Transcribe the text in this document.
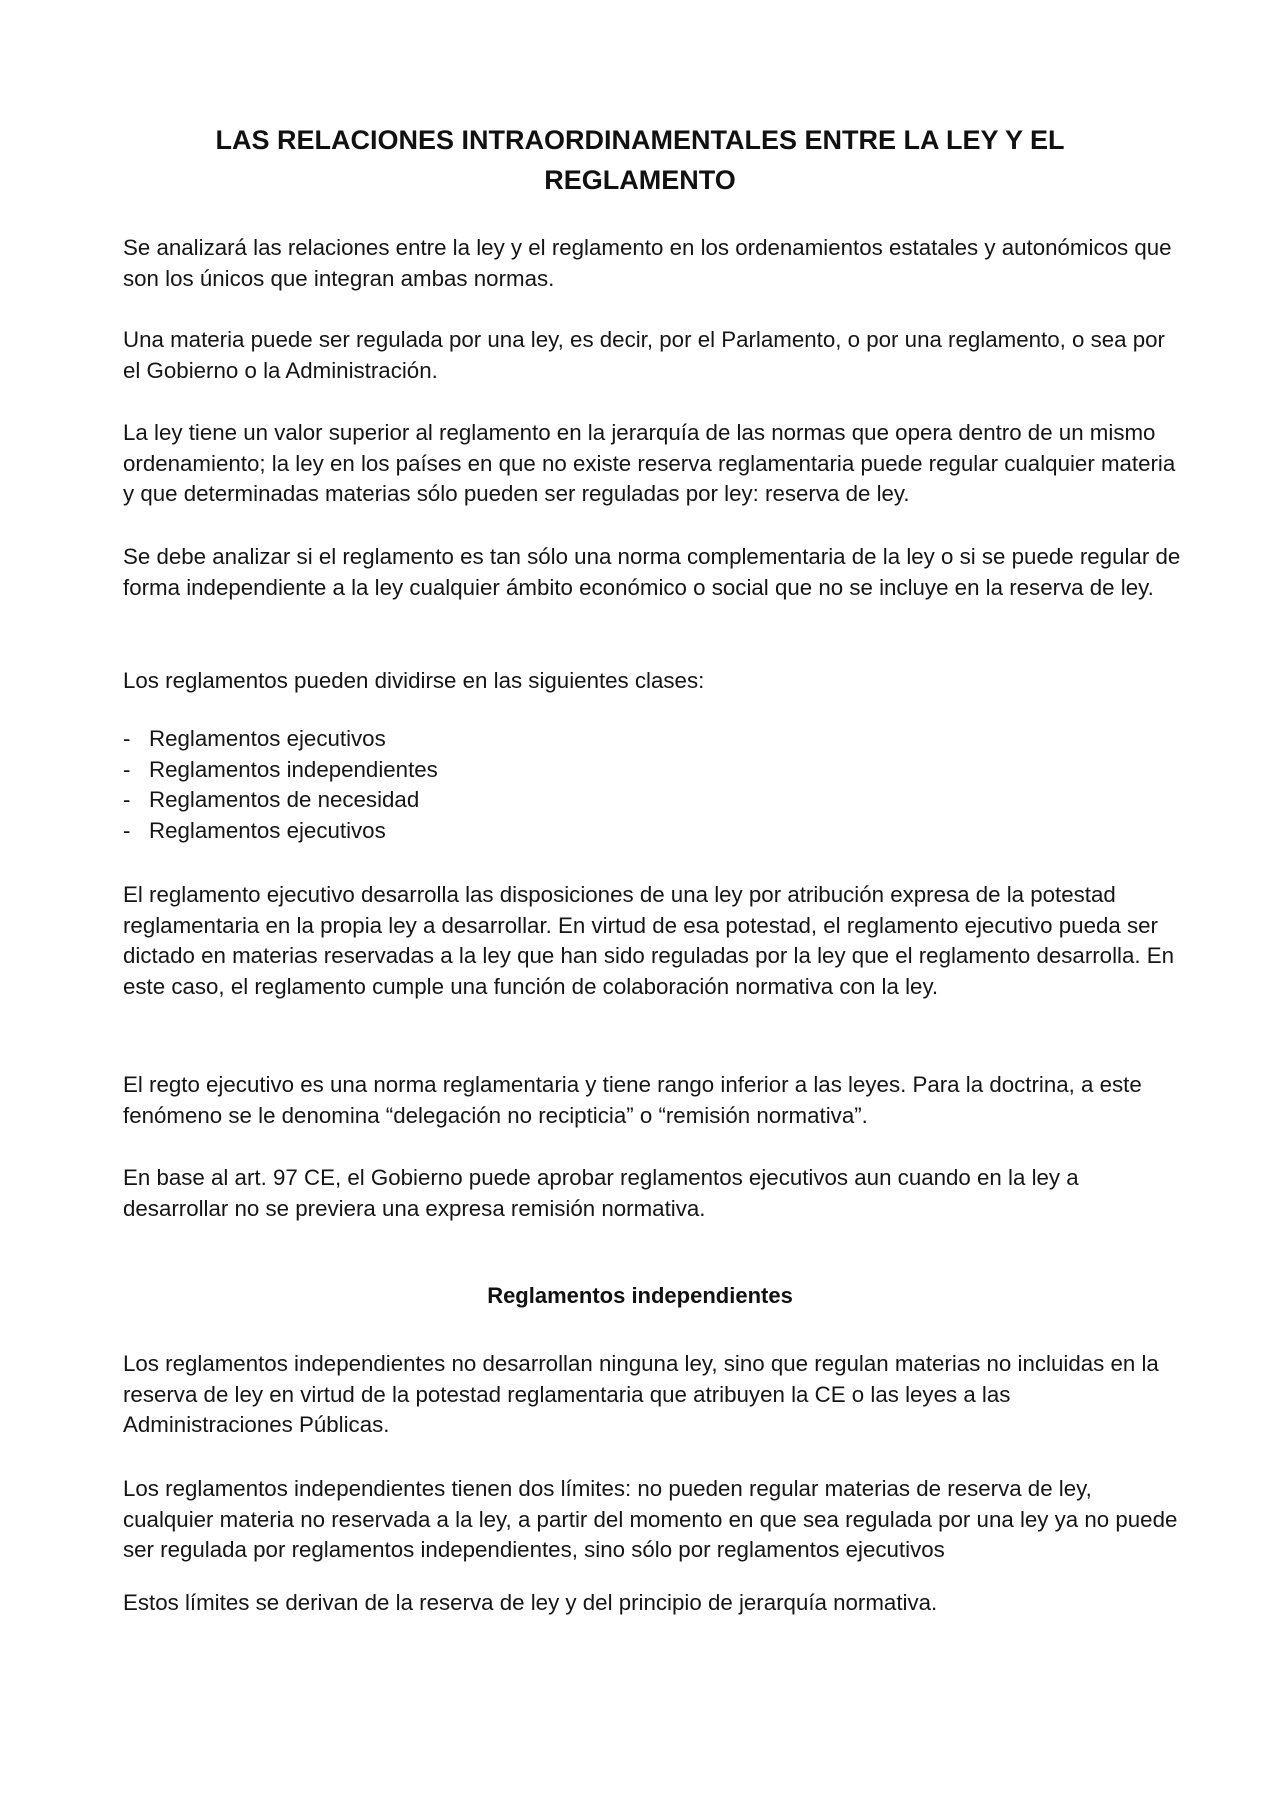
LAS RELACIONES INTRAORDINAMENTALES ENTRE LA LEY Y EL
REGLAMENTO

Se analizará las relaciones entre la ley y el reglamento en los ordenamientos estatales y autonómicos que son los únicos que integran ambas normas.

Una materia puede ser regulada por una ley, es decir, por el Parlamento, o por una reglamento, o sea por el Gobierno o la Administración.

La ley tiene un valor superior al reglamento en la jerarquía de las normas que opera dentro de un mismo ordenamiento; la ley en los países en que no existe reserva reglamentaria puede regular cualquier materia y que determinadas materias sólo pueden ser reguladas por ley: reserva de ley.

Se debe analizar si el reglamento es tan sólo una norma complementaria de la ley o si se puede regular de forma independiente a la ley cualquier ámbito económico o social que no se incluye en la reserva de ley.

Los reglamentos pueden dividirse en las siguientes clases:

- Reglamentos ejecutivos
- Reglamentos independientes
- Reglamentos de necesidad
- Reglamentos ejecutivos

El reglamento ejecutivo desarrolla las disposiciones de una ley por atribución expresa de la potestad reglamentaria en la propia ley a desarrollar. En virtud de esa potestad, el reglamento ejecutivo pueda ser dictado en materias reservadas a la ley que han sido reguladas por la ley que el reglamento desarrolla. En este caso, el reglamento cumple una función de colaboración normativa con la ley.

El regto ejecutivo es una norma reglamentaria y tiene rango inferior a las leyes. Para la doctrina, a este fenómeno se le denomina “delegación no recipticia” o “remisión normativa”.

En base al art. 97 CE, el Gobierno puede aprobar reglamentos ejecutivos aun cuando en la ley a desarrollar no se previera una expresa remisión normativa.

Reglamentos independientes

Los reglamentos independientes no desarrollan ninguna ley, sino que regulan materias no incluidas en la reserva de ley en virtud de la potestad reglamentaria que atribuyen la CE o las leyes a las Administraciones Públicas.

Los reglamentos independientes tienen dos límites: no pueden regular materias de reserva de ley, cualquier materia no reservada a la ley, a partir del momento en que sea regulada por una ley ya no puede ser regulada por reglamentos independientes, sino sólo por reglamentos ejecutivos

Estos límites se derivan de la reserva de ley y del principio de jerarquía normativa.
